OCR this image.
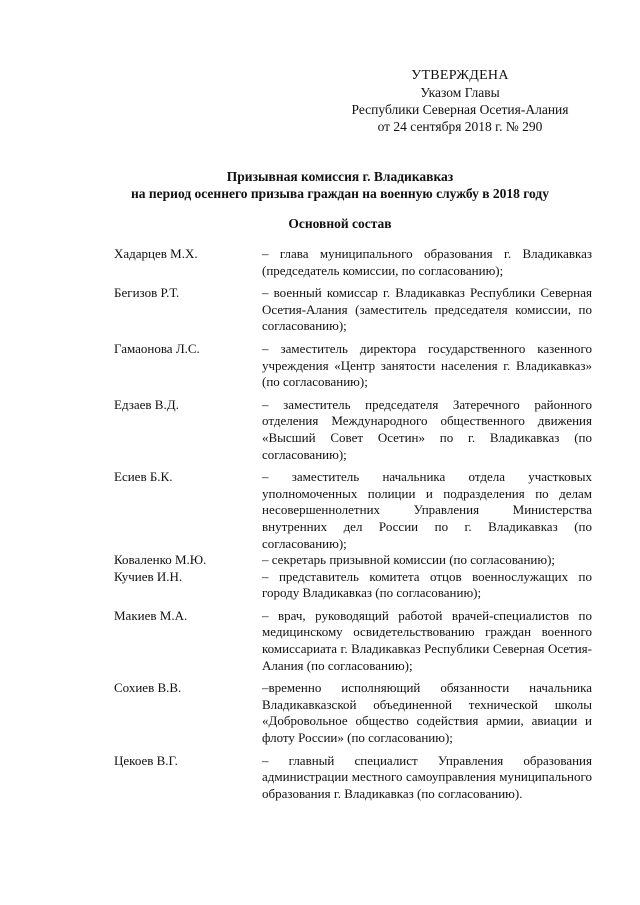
УТВЕРЖДЕНА
Указом Главы
Республики Северная Осетия-Алания
от 24 сентября 2018 г. № 290
Призывная комиссия г. Владикавказ
на период осеннего призыва граждан на военную службу в 2018 году
Основной состав
Хадарцев М.Х.	– глава муниципального образования г. Владикавказ (председатель комиссии, по согласованию);
Бегизов Р.Т.	– военный комиссар г. Владикавказ Республики Северная Осетия-Алания (заместитель председателя комиссии, по согласованию);
Гамаонова Л.С.	– заместитель директора государственного казенного учреждения «Центр занятости населения г. Владикавказ» (по согласованию);
Едзаев В.Д.	– заместитель председателя Затеречного районного отделения Международного общественного движения «Высший Совет Осетин» по г. Владикавказ (по согласованию);
Есиев Б.К.	– заместитель начальника отдела участковых уполномоченных полиции и подразделения по делам несовершеннолетних Управления Министерства внутренних дел России по г. Владикавказ (по согласованию);
Коваленко М.Ю.	– секретарь призывной комиссии (по согласованию);
Кучиев И.Н.	– представитель комитета отцов военнослужащих по городу Владикавказ (по согласованию);
Макиев М.А.	– врач, руководящий работой врачей-специалистов по медицинскому освидетельствованию граждан военного комиссариата г. Владикавказ Республики Северная Осетия-Алания (по согласованию);
Сохиев В.В.	–временно исполняющий обязанности начальника Владикавказской объединенной технической школы «Добровольное общество содействия армии, авиации и флоту России» (по согласованию);
Цекоев В.Г.	– главный специалист Управления образования администрации местного самоуправления муниципального образования г. Владикавказ (по согласованию).
